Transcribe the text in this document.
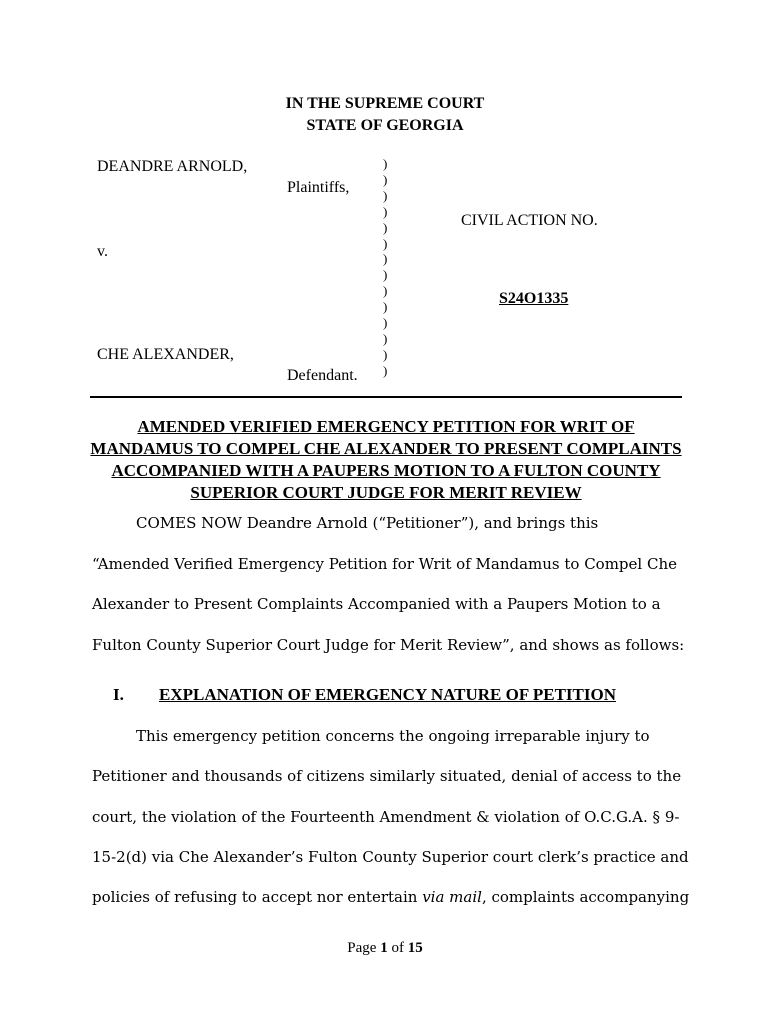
IN THE SUPREME COURT
STATE OF GEORGIA
DEANDRE ARNOLD,
Plaintiffs,
v.
CHE ALEXANDER,
Defendant.
)
)
)
)
)
)
)
)
)
)
)
)
)
)
CIVIL ACTION NO.
S24O1335
AMENDED VERIFIED EMERGENCY PETITION FOR WRIT OF MANDAMUS TO COMPEL CHE ALEXANDER TO PRESENT COMPLAINTS ACCOMPANIED WITH A PAUPERS MOTION TO A FULTON COUNTY SUPERIOR COURT JUDGE FOR MERIT REVIEW
COMES NOW Deandre Arnold (“Petitioner”), and brings this
“Amended Verified Emergency Petition for Writ of Mandamus to Compel Che
Alexander to Present Complaints Accompanied with a Paupers Motion to a
Fulton County Superior Court Judge for Merit Review”, and shows as follows:
I. EXPLANATION OF EMERGENCY NATURE OF PETITION
This emergency petition concerns the ongoing irreparable injury to
Petitioner and thousands of citizens similarly situated, denial of access to the
court, the violation of the Fourteenth Amendment & violation of O.C.G.A. § 9-
15-2(d) via Che Alexander’s Fulton County Superior court clerk’s practice and
policies of refusing to accept nor entertain via mail, complaints accompanying
Page 1 of 15
